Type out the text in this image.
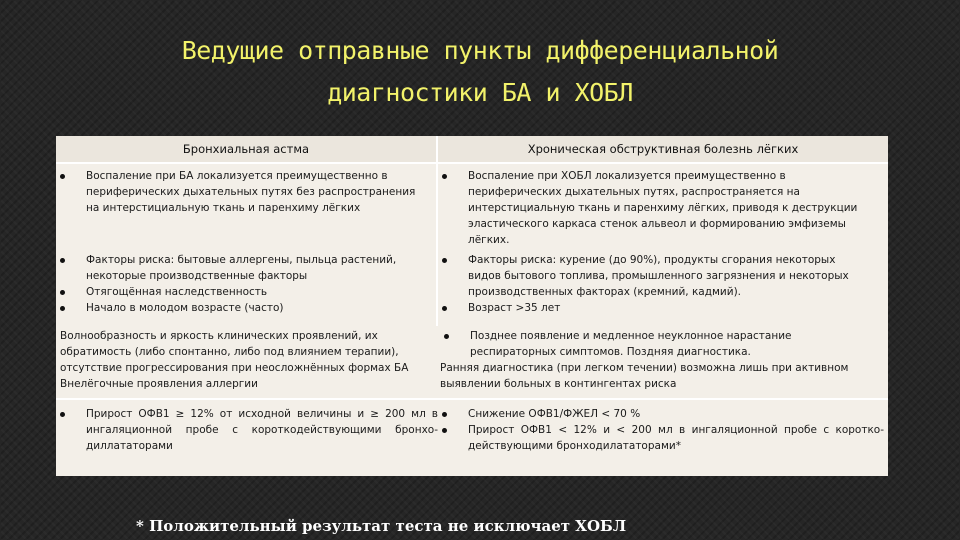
Ведущие отправные пункты дифференциальной
диагностики БА и ХОБЛ
Бронхиальная астма	Хроническая обструктивная болезнь лёгких
Воспаление при БА локализуется преимущественно в периферических дыхательных путях без распространения на интерстициальную ткань и паренхиму лёгких
Воспаление при ХОБЛ локализуется преимущественно в периферических дыхательных путях, распространяется на интерстициальную ткань и паренхиму лёгких, приводя к деструкции эластического каркаса стенок альвеол и формированию эмфиземы лёгких.
Факторы риска: бытовые аллергены, пыльца растений, некоторые производственные факторы
Отягощённая наследственность
Начало в молодом возрасте (часто)
Факторы риска: курение (до 90%), продукты сгорания некоторых видов бытового топлива, промышленного загрязнения и некоторых производственных факторах (кремний, кадмий).
Возраст >35 лет
Волнообразность и яркость клинических проявлений, их обратимость (либо спонтанно, либо под влиянием терапии), отсутствие прогрессирования при неосложнённых формах БА
Внелёгочные проявления аллергии
Позднее появление и медленное неуклонное нарастание респираторных симптомов. Поздняя диагностика.
Ранняя диагностика (при легком течении) возможна лишь при активном выявлении больных в контингентах риска
Прирост ОФВ1 ≥ 12% от исходной величины и ≥ 200 мл в ингаляционной пробе с короткодействующими бронхо-диллататорами
Снижение ОФВ1/ФЖЕЛ < 70 %
Прирост ОФВ1 < 12% и < 200 мл в ингаляционной пробе с коротко-действующими бронходилататорами*
* Положительный результат теста не исключает ХОБЛ
